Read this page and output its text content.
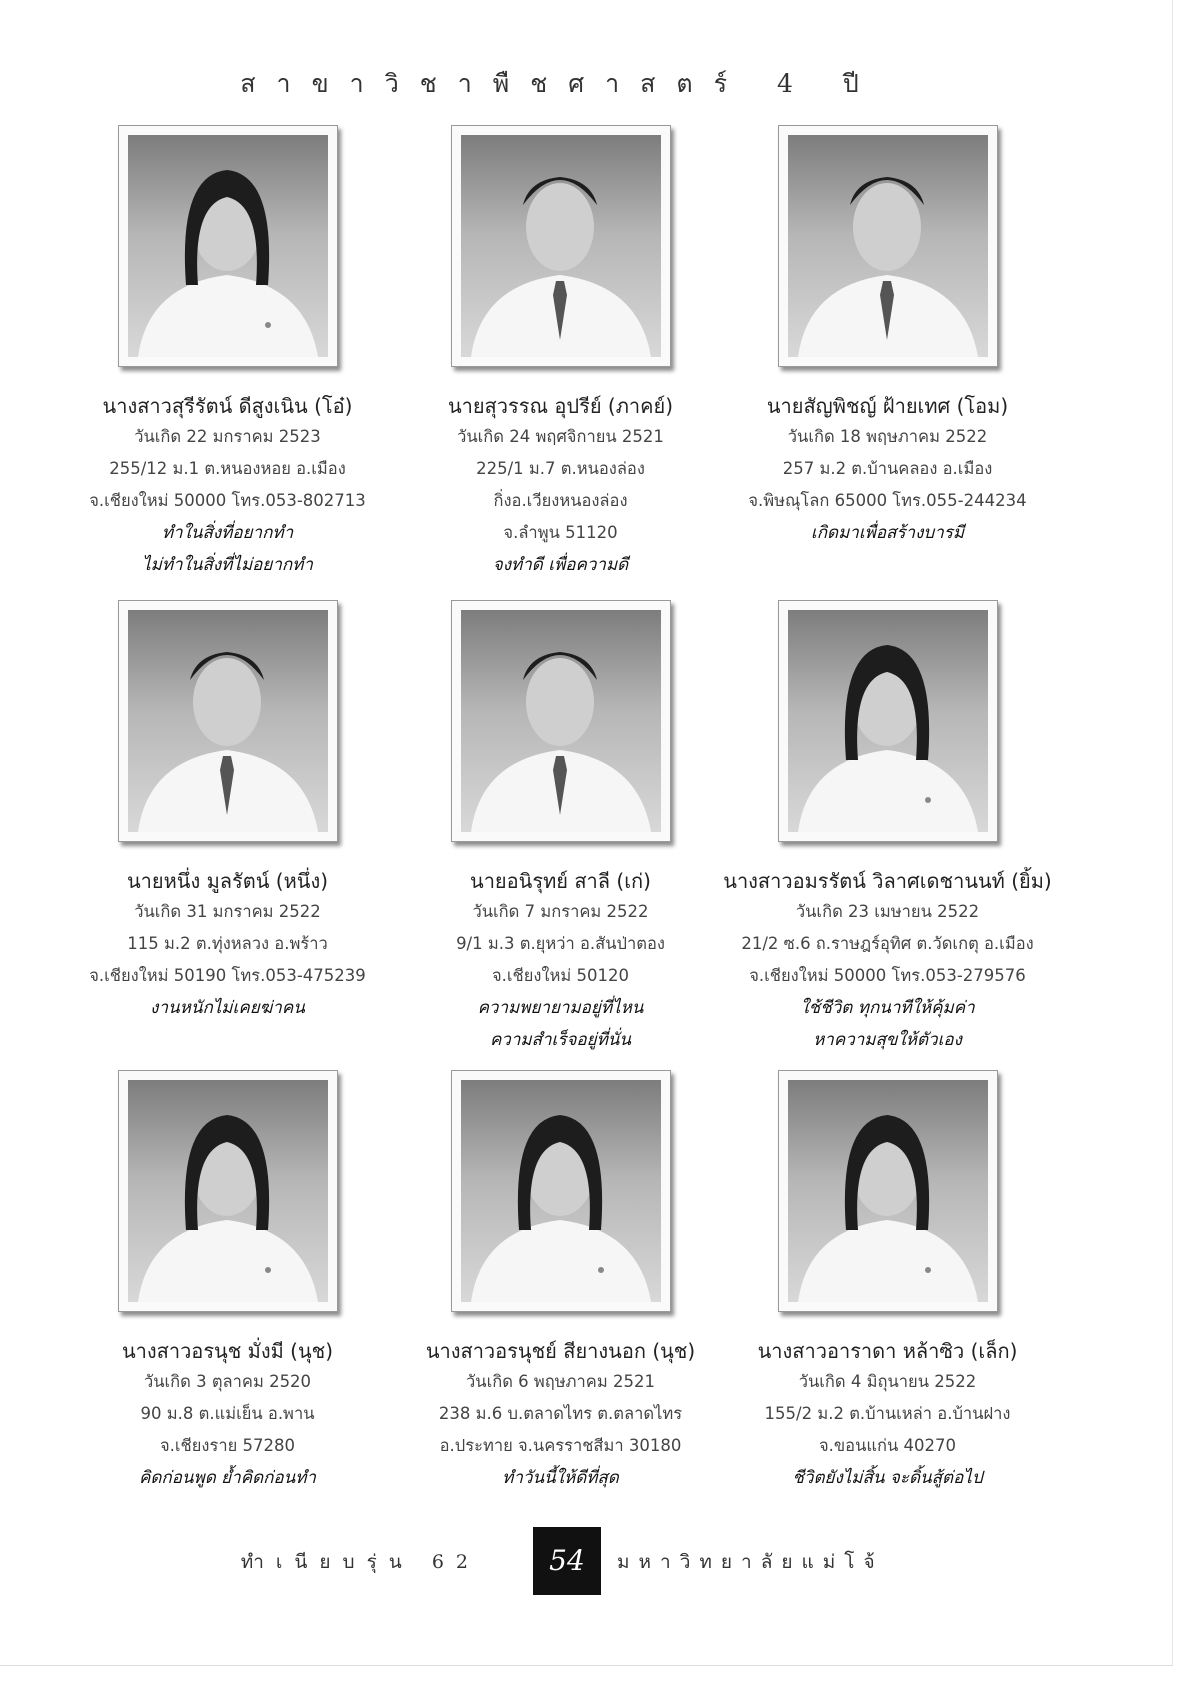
สาขาวิชาพืชศาสตร์ 4 ปี
นางสาวสุรีรัตน์ ดีสูงเนิน (โอ๋)
วันเกิด 22 มกราคม 2523
255/12 ม.1 ต.หนองหอย อ.เมือง
จ.เชียงใหม่ 50000 โทร.053-802713
ทำในสิ่งที่อยากทำ
ไม่ทำในสิ่งที่ไม่อยากทำ
นายสุวรรณ อุปรีย์ (ภาคย์)
วันเกิด 24 พฤศจิกายน 2521
225/1 ม.7 ต.หนองล่อง
กิ่งอ.เวียงหนองล่อง
จ.ลำพูน 51120
จงทำดี เพื่อความดี
นายสัญพิชญ์ ฝ้ายเทศ (โอม)
วันเกิด 18 พฤษภาคม 2522
257 ม.2 ต.บ้านคลอง อ.เมือง
จ.พิษณุโลก 65000 โทร.055-244234
เกิดมาเพื่อสร้างบารมี
นายหนึ่ง มูลรัตน์ (หนึ่ง)
วันเกิด 31 มกราคม 2522
115 ม.2 ต.ทุ่งหลวง อ.พร้าว
จ.เชียงใหม่ 50190 โทร.053-475239
งานหนักไม่เคยฆ่าคน
นายอนิรุทย์ สาลี (เก่)
วันเกิด 7 มกราคม 2522
9/1 ม.3 ต.ยุหว่า อ.สันป่าตอง
จ.เชียงใหม่ 50120
ความพยายามอยู่ที่ไหน
ความสำเร็จอยู่ที่นั่น
นางสาวอมรรัตน์ วิลาศเดชานนท์ (ยิ้ม)
วันเกิด 23 เมษายน 2522
21/2 ซ.6 ถ.ราษฎร์อุทิศ ต.วัดเกตุ อ.เมือง
จ.เชียงใหม่ 50000 โทร.053-279576
ใช้ชีวิต ทุกนาทีให้คุ้มค่า
หาความสุขให้ตัวเอง
นางสาวอรนุช มั่งมี (นุช)
วันเกิด 3 ตุลาคม 2520
90 ม.8 ต.แม่เย็น อ.พาน
จ.เชียงราย 57280
คิดก่อนพูด ย้ำคิดก่อนทำ
นางสาวอรนุชย์ สียางนอก (นุช)
วันเกิด 6 พฤษภาคม 2521
238 ม.6 บ.ตลาดไทร ต.ตลาดไทร
อ.ประทาย จ.นครราชสีมา 30180
ทำวันนี้ให้ดีที่สุด
นางสาวอาราดา หล้าซิว (เล็ก)
วันเกิด 4 มิถุนายน 2522
155/2 ม.2 ต.บ้านเหล่า อ.บ้านฝาง
จ.ขอนแก่น 40270
ชีวิตยังไม่สิ้น จะดิ้นสู้ต่อไป
ทำเนียบรุ่น 62	54	มหาวิทยาลัยแม่โจ้
